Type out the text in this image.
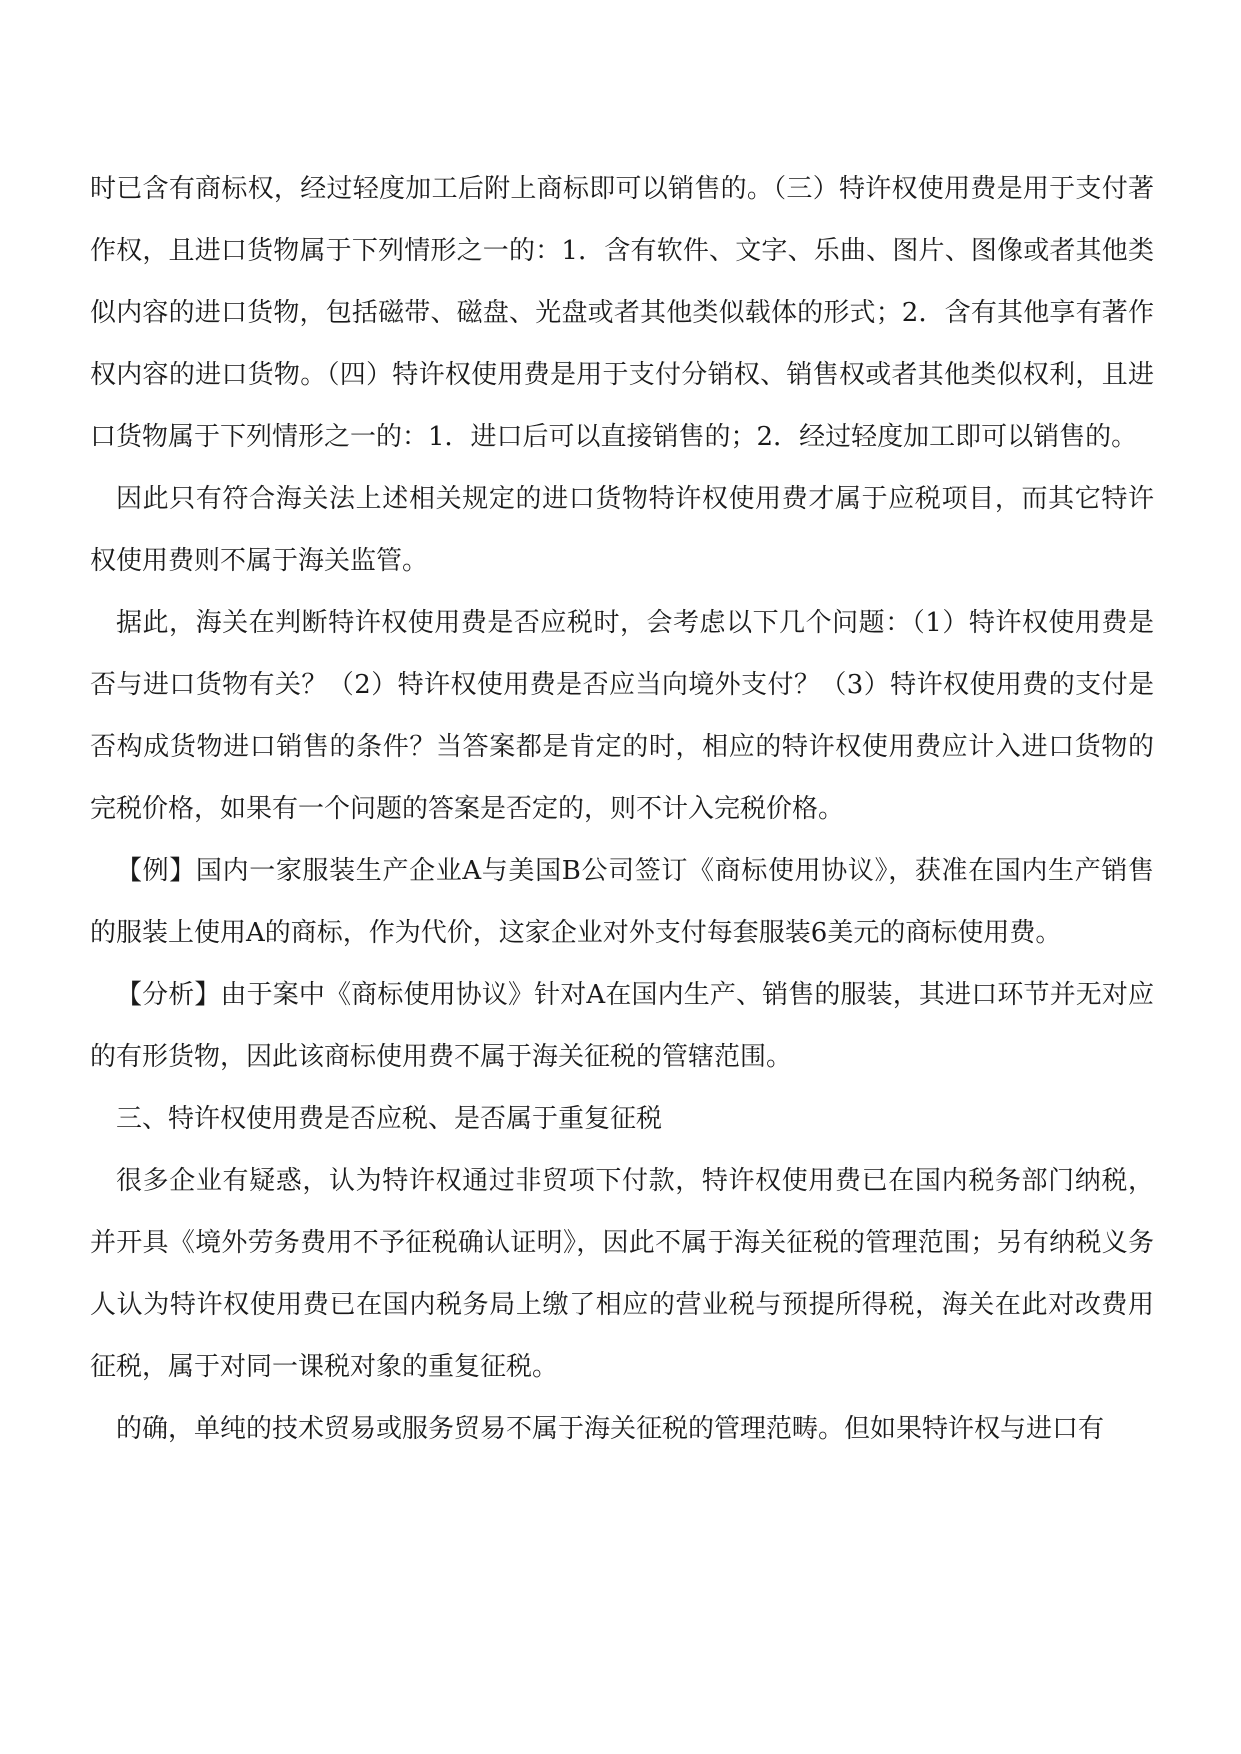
时已含有商标权，经过轻度加工后附上商标即可以销售的。（三）特许权使用费是用于支付著作权，且进口货物属于下列情形之一的：1．含有软件、文字、乐曲、图片、图像或者其他类似内容的进口货物，包括磁带、磁盘、光盘或者其他类似载体的形式；2．含有其他享有著作权内容的进口货物。（四）特许权使用费是用于支付分销权、销售权或者其他类似权利，且进口货物属于下列情形之一的：1．进口后可以直接销售的；2．经过轻度加工即可以销售的。

因此只有符合海关法上述相关规定的进口货物特许权使用费才属于应税项目，而其它特许权使用费则不属于海关监管。

据此，海关在判断特许权使用费是否应税时，会考虑以下几个问题：（1）特许权使用费是否与进口货物有关？（2）特许权使用费是否应当向境外支付？（3）特许权使用费的支付是否构成货物进口销售的条件？当答案都是肯定的时，相应的特许权使用费应计入进口货物的完税价格，如果有一个问题的答案是否定的，则不计入完税价格。

【例】国内一家服装生产企业A与美国B公司签订《商标使用协议》，获准在国内生产销售的服装上使用A的商标，作为代价，这家企业对外支付每套服装6美元的商标使用费。

【分析】由于案中《商标使用协议》针对A在国内生产、销售的服装，其进口环节并无对应的有形货物，因此该商标使用费不属于海关征税的管辖范围。

三、特许权使用费是否应税、是否属于重复征税

很多企业有疑惑，认为特许权通过非贸项下付款，特许权使用费已在国内税务部门纳税，并开具《境外劳务费用不予征税确认证明》，因此不属于海关征税的管理范围；另有纳税义务人认为特许权使用费已在国内税务局上缴了相应的营业税与预提所得税，海关在此对改费用征税，属于对同一课税对象的重复征税。

的确，单纯的技术贸易或服务贸易不属于海关征税的管理范畴。但如果特许权与进口有
